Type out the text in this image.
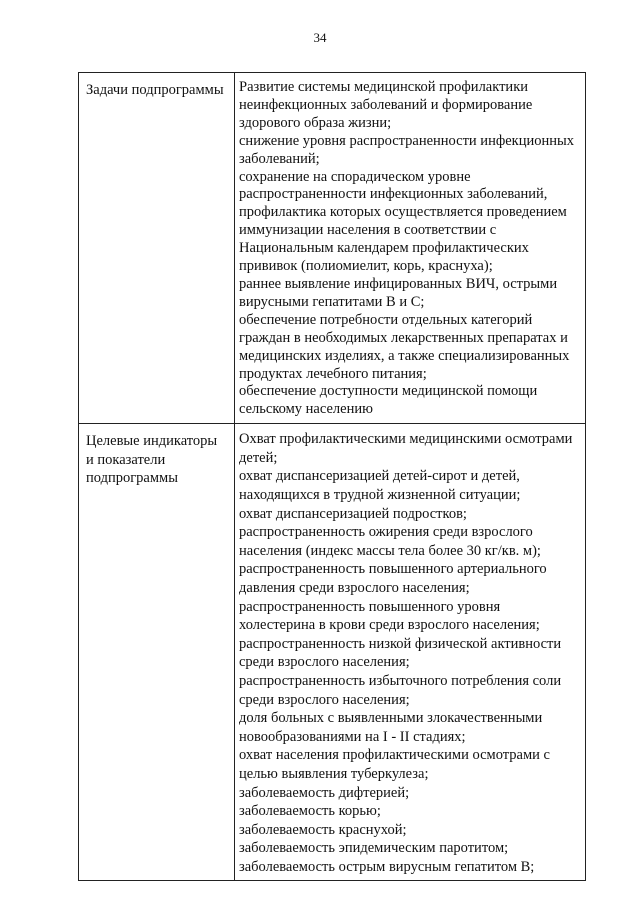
34
Задачи подпрограммы	Развитие системы медицинской профилактики
неинфекционных заболеваний и формирование
здорового образа жизни;
снижение уровня распространенности инфекционных
заболеваний;
сохранение на спорадическом уровне
распространенности инфекционных заболеваний,
профилактика которых осуществляется проведением
иммунизации населения в соответствии с
Национальным календарем профилактических
прививок (полиомиелит, корь, краснуха);
раннее выявление инфицированных ВИЧ, острыми
вирусными гепатитами В и С;
обеспечение потребности отдельных категорий
граждан в необходимых лекарственных препаратах и
медицинских изделиях, а также специализированных
продуктах лечебного питания;
обеспечение доступности медицинской помощи
сельскому населению
Целевые индикаторы
и показатели
подпрограммы
Охват профилактическими медицинскими осмотрами
детей;
охват диспансеризацией детей-сирот и детей,
находящихся в трудной жизненной ситуации;
охват диспансеризацией подростков;
распространенность ожирения среди взрослого
населения (индекс массы тела более 30 кг/кв. м);
распространенность повышенного артериального
давления среди взрослого населения;
распространенность повышенного уровня
холестерина в крови среди взрослого населения;
распространенность низкой физической активности
среди взрослого населения;
распространенность избыточного потребления соли
среди взрослого населения;
доля больных с выявленными злокачественными
новообразованиями на I - II стадиях;
охват населения профилактическими осмотрами с
целью выявления туберкулеза;
заболеваемость дифтерией;
заболеваемость корью;
заболеваемость краснухой;
заболеваемость эпидемическим паротитом;
заболеваемость острым вирусным гепатитом В;
